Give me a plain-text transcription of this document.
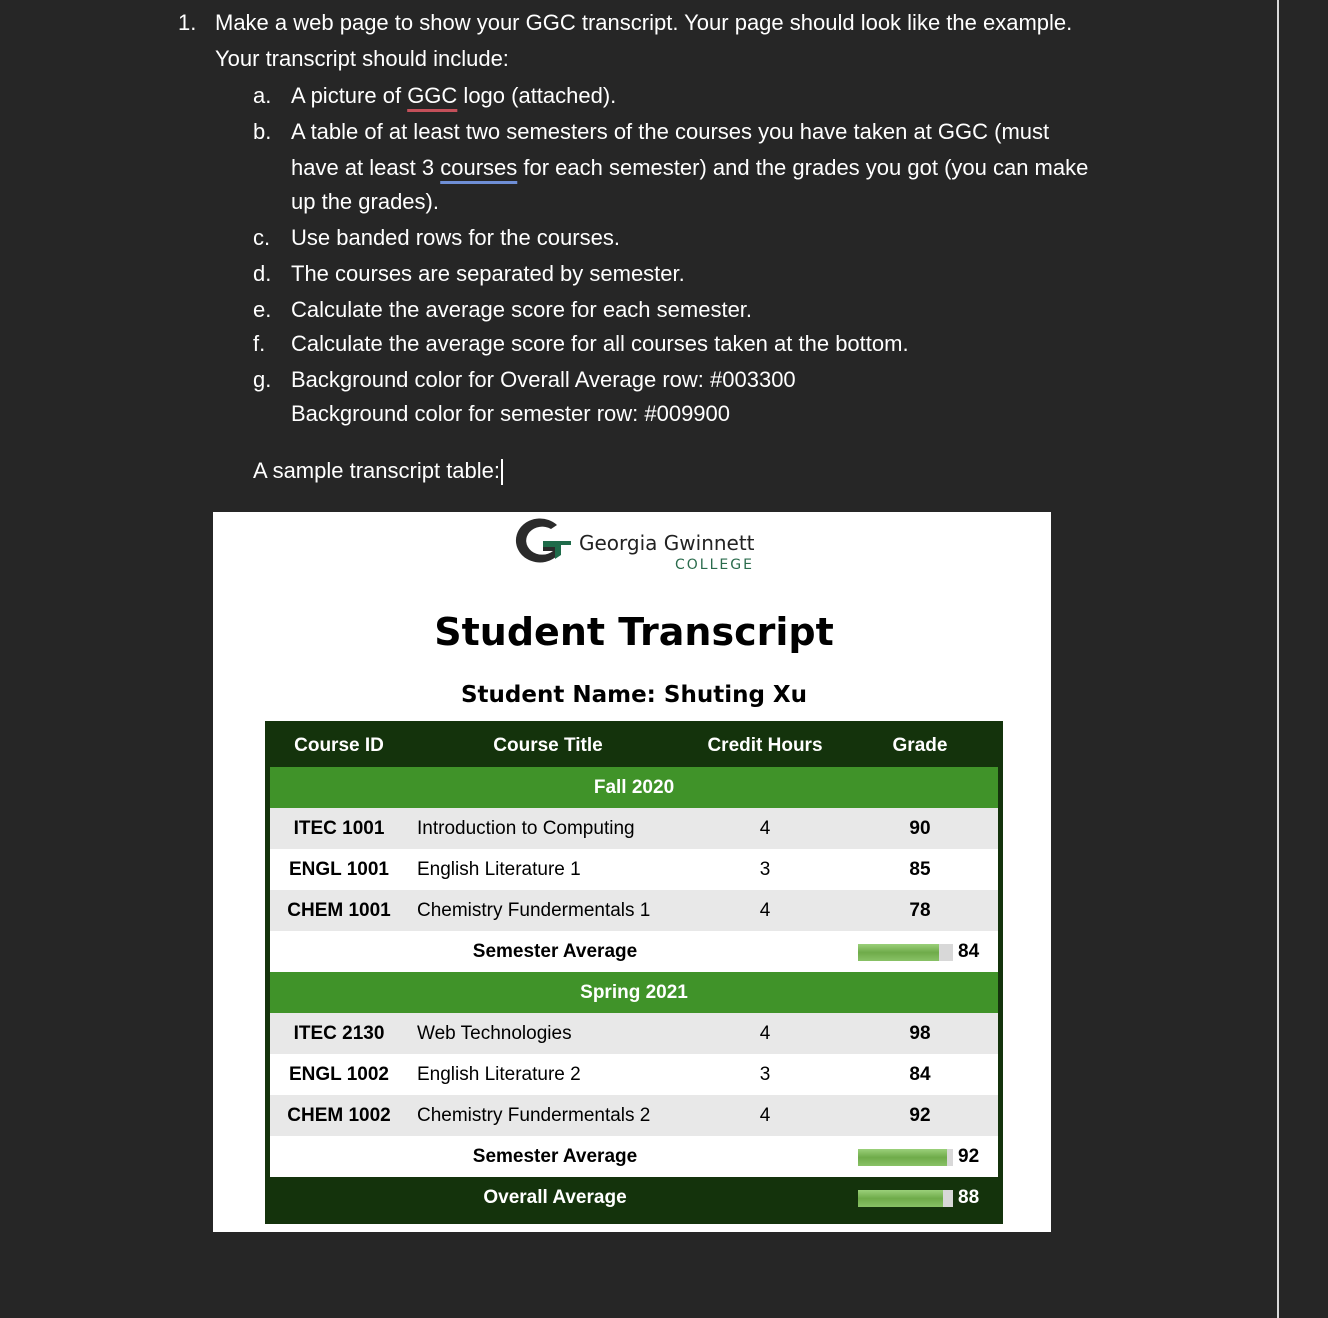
1. Make a web page to show your GGC transcript. Your page should look like the example.
Your transcript should include:
a. A picture of GGC logo (attached).
b. A table of at least two semesters of the courses you have taken at GGC (must
have at least 3 courses for each semester) and the grades you got (you can make
up the grades).
c. Use banded rows for the courses.
d. The courses are separated by semester.
e. Calculate the average score for each semester.
f. Calculate the average score for all courses taken at the bottom.
g. Background color for Overall Average row: #003300
Background color for semester row: #009900
A sample transcript table:
Georgia Gwinnett
COLLEGE
Student Transcript
Student Name: Shuting Xu
Course ID	Course Title	Credit Hours	Grade
Fall 2020
ITEC 1001	Introduction to Computing	4	90
ENGL 1001	English Literature 1	3	85
CHEM 1001	Chemistry Fundermentals 1	4	78
Semester Average	84
Spring 2021
ITEC 2130	Web Technologies	4	98
ENGL 1002	English Literature 2	3	84
CHEM 1002	Chemistry Fundermentals 2	4	92
Semester Average	92
Overall Average	88
